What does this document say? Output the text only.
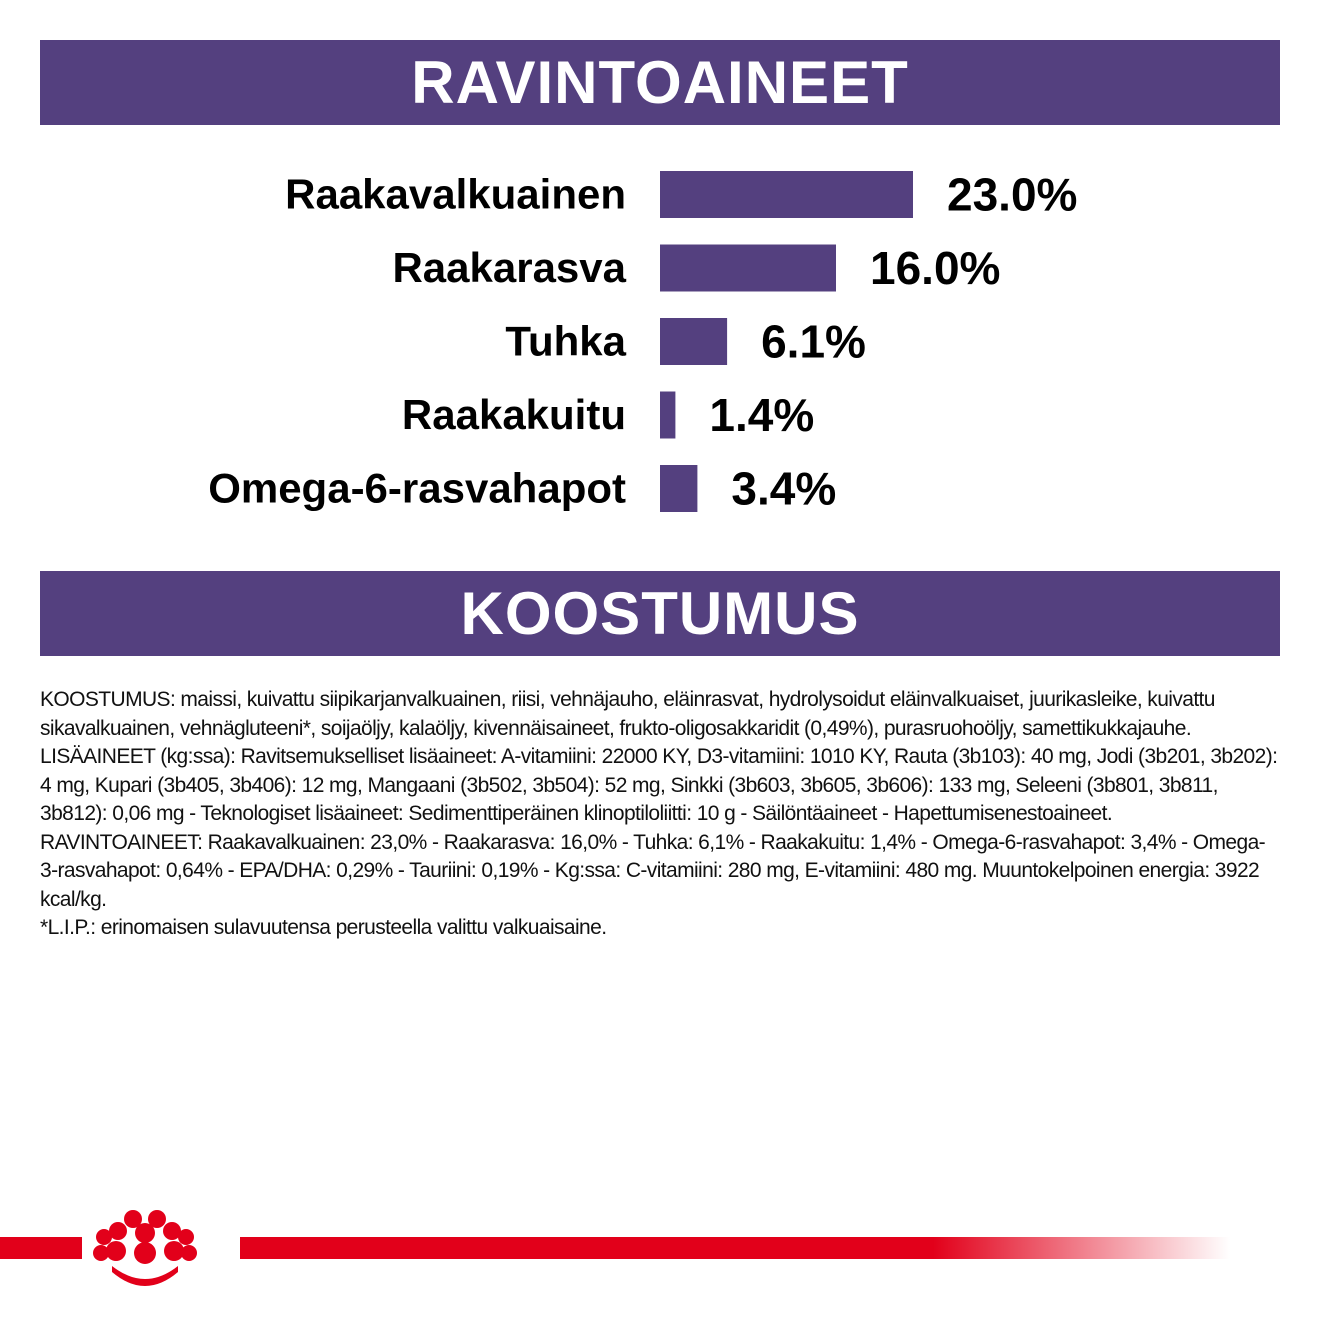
RAVINTOAINEET
Raakavalkuainen	23.0%
Raakarasva	16.0%
Tuhka	6.1%
Raakakuitu 1.4%
Omega-6-rasvahapot 3.4%
KOOSTUMUS

KOOSTUMUS: maissi, kuivattu siipikarjanvalkuainen, riisi, vehnäjauho, eläinrasvat, hydrolysoidut eläinvalkuaiset, juurikasleike, kuivattu sikavalkuainen, vehnägluteeni*, soijaöljy, kalaöljy, kivennäisaineet, frukto-oligosakkaridit (0,49%), purasruohoöljy, samettikukkajauhe.

LISÄAINEET (kg:ssa): Ravitsemukselliset lisäaineet: A-vitamiini: 22000 KY, D3-vitamiini: 1010 KY, Rauta (3b103): 40 mg, Jodi (3b201, 3b202): 4 mg, Kupari (3b405, 3b406): 12 mg, Mangaani (3b502, 3b504): 52 mg, Sinkki (3b603, 3b605, 3b606): 133 mg, Seleeni (3b801, 3b811, 3b812): 0,06 mg - Teknologiset lisäaineet: Sedimenttiperäinen klinoptiloliitti: 10 g - Säilöntäaineet - Hapettumisenestoaineet.

RAVINTOAINEET: Raakavalkuainen: 23,0% - Raakarasva: 16,0% - Tuhka: 6,1% - Raakakuitu: 1,4% - Omega-6-rasvahapot: 3,4% - Omega-3-rasvahapot: 0,64% - EPA/DHA: 0,29% - Tauriini: 0,19% - Kg:ssa: C-vitamiini: 280 mg, E-vitamiini: 480 mg. Muuntokelpoinen energia: 3922 kcal/kg.

*L.I.P.: erinomaisen sulavuutensa perusteella valittu valkuaisaine.
